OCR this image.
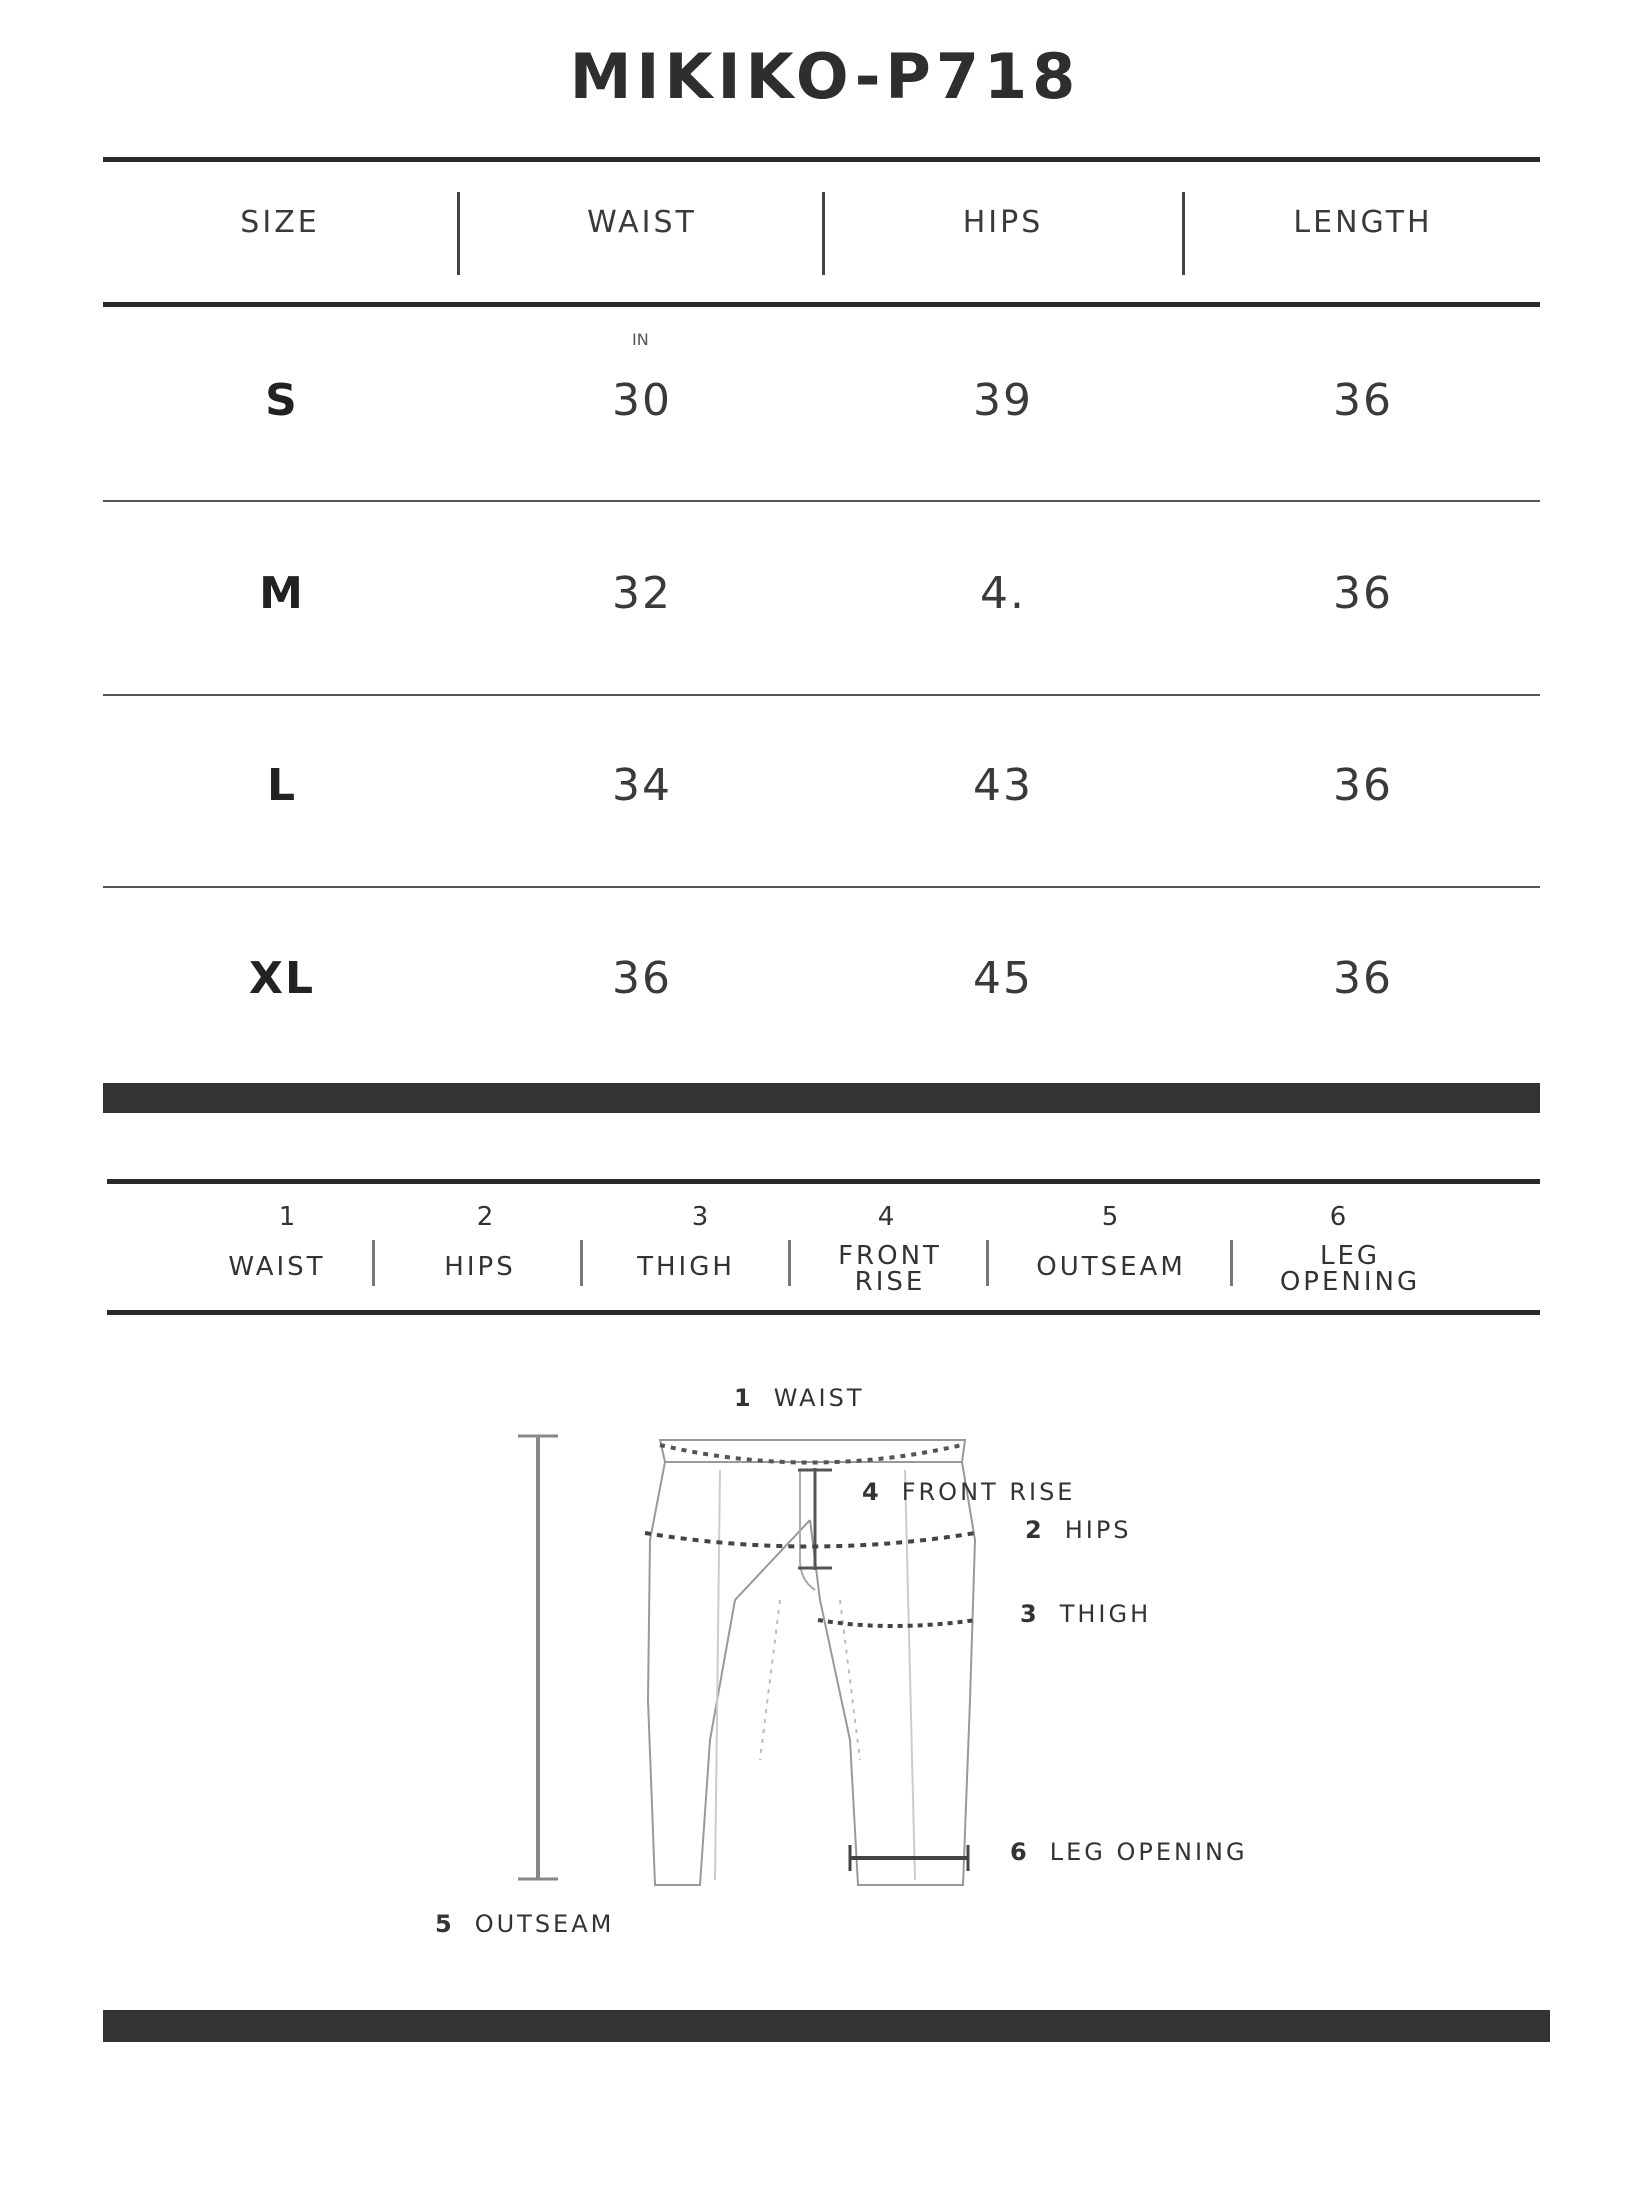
MIKIKO-P718
SIZE	WAIST	HIPS	LENGTH
IN
S	30	39	36
M	32	4.	36
L	34	43	36
XL	36	45	36
1
WAIST
2
HIPS
3
THIGH
4
FRONT RISE
5
OUTSEAM
6
LEG OPENING
1 WAIST
4 FRONT RISE
2 HIPS
3 THIGH
6 LEG OPENING
5 OUTSEAM
